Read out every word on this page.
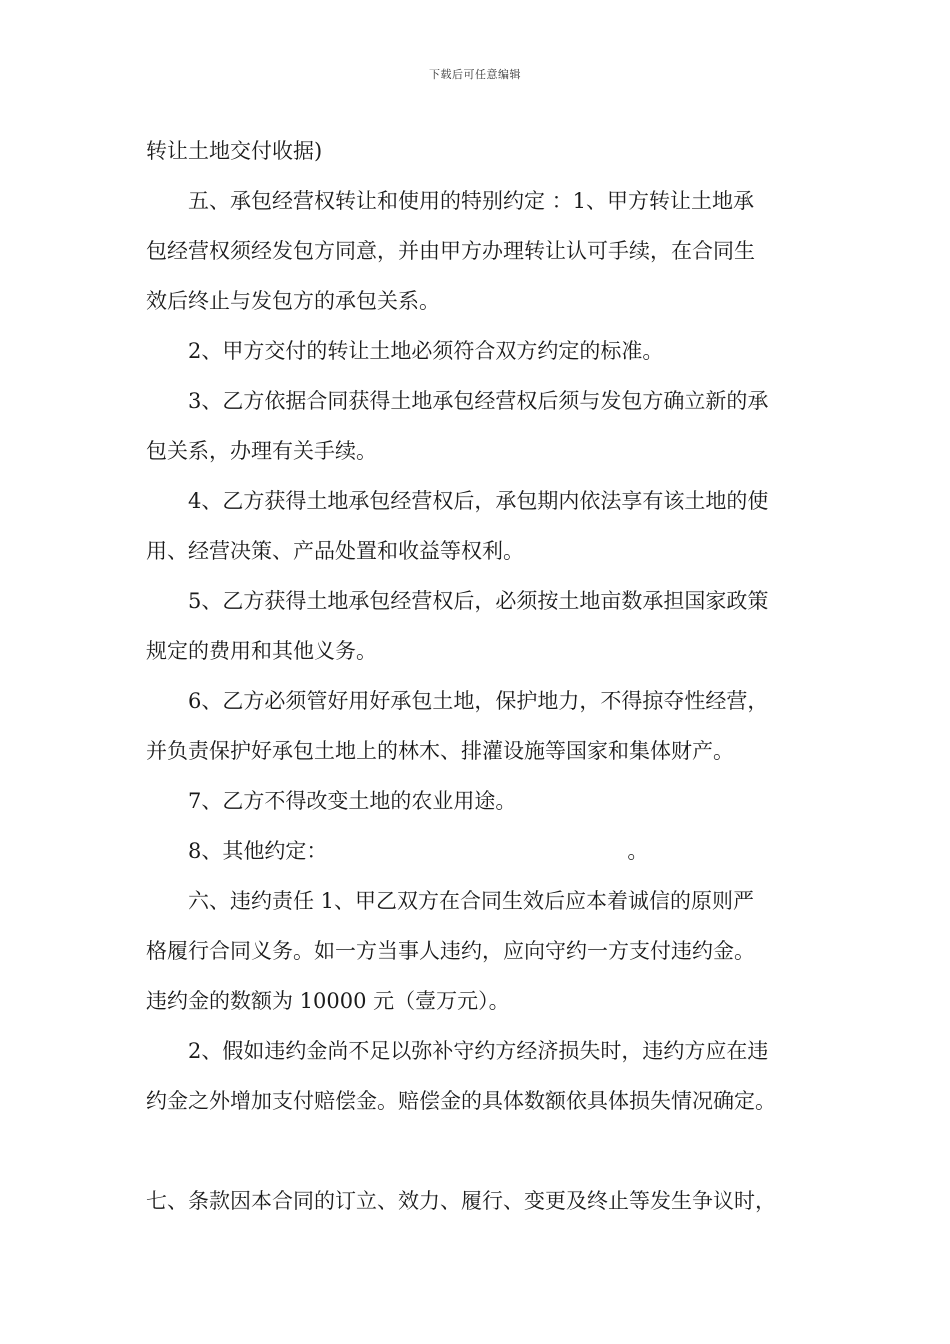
下载后可任意编辑
转让土地交付收据)
五、承包经营权转让和使用的特别约定 ：1、甲方转让土地承
包经营权须经发包方同意，并由甲方办理转让认可手续，在合同生
效后终止与发包方的承包关系。
2、甲方交付的转让土地必须符合双方约定的标准。
3、乙方依据合同获得土地承包经营权后须与发包方确立新的承
包关系，办理有关手续。
4、乙方获得土地承包经营权后，承包期内依法享有该土地的使
用、经营决策、产品处置和收益等权利。
5、乙方获得土地承包经营权后，必须按土地亩数承担国家政策
规定的费用和其他义务。
6、乙方必须管好用好承包土地，保护地力，不得掠夺性经营，
并负责保护好承包土地上的林木、排灌设施等国家和集体财产。
7、乙方不得改变土地的农业用途。
8、其他约定：	。
六、违约责任 1、甲乙双方在合同生效后应本着诚信的原则严
格履行合同义务。如一方当事人违约，应向守约一方支付违约金。
违约金的数额为 10000 元（壹万元）。
2、假如违约金尚不足以弥补守约方经济损失时，违约方应在违
约金之外增加支付赔偿金。赔偿金的具体数额依具体损失情况确定。
七、条款因本合同的订立、效力、履行、变更及终止等发生争议时，
